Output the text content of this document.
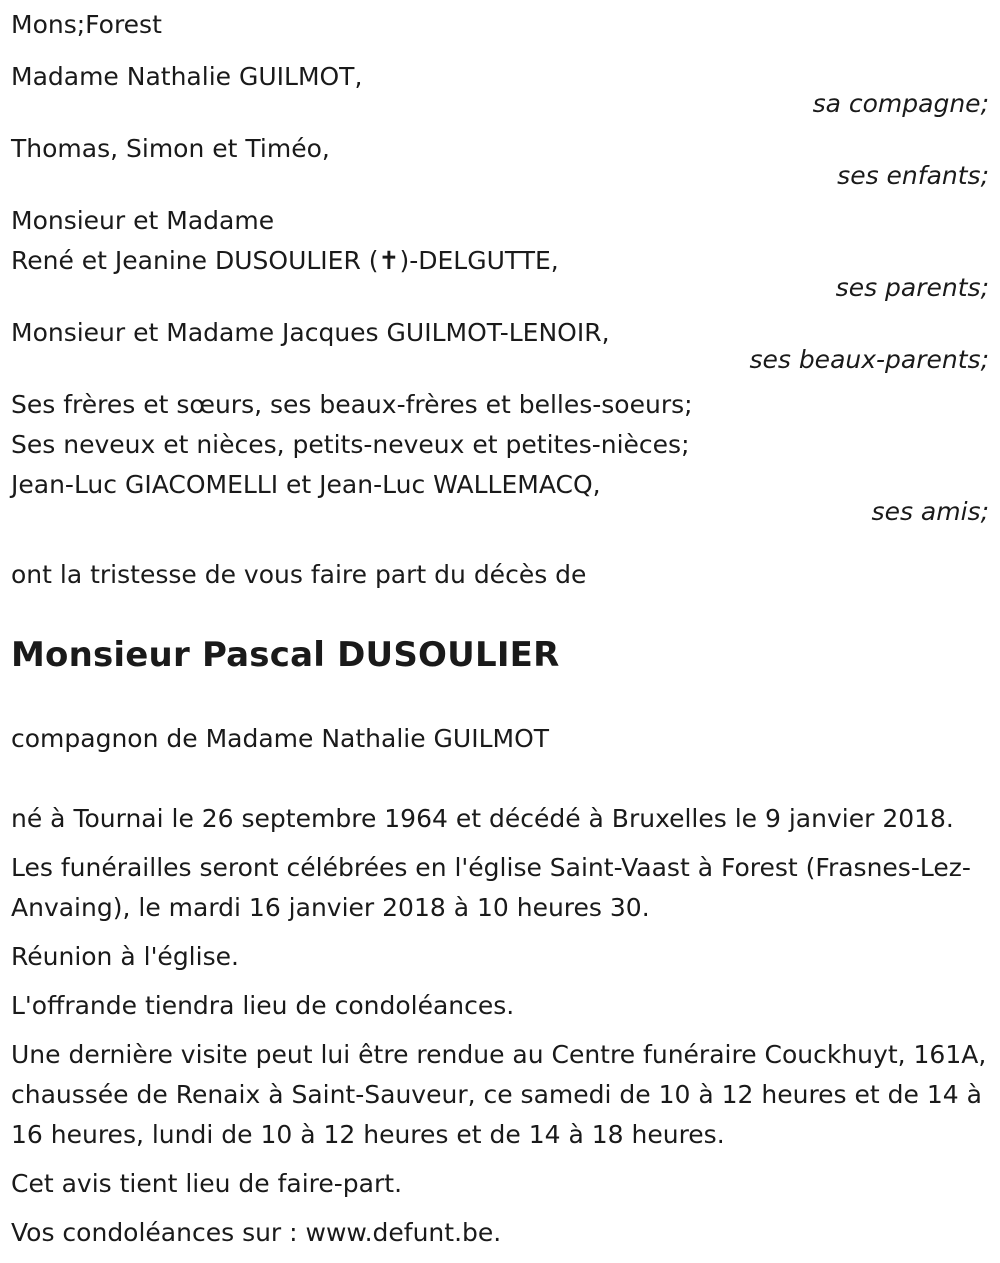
Mons;Forest
Madame Nathalie GUILMOT,
sa compagne;
Thomas, Simon et Timéo,
ses enfants;
Monsieur et Madame
René et Jeanine DUSOULIER (✝)-DELGUTTE,
ses parents;
Monsieur et Madame Jacques GUILMOT-LENOIR,
ses beaux-parents;
Ses frères et sœurs, ses beaux-frères et belles-soeurs;
Ses neveux et nièces, petits-neveux et petites-nièces;
Jean-Luc GIACOMELLI et Jean-Luc WALLEMACQ,
ses amis;
ont la tristesse de vous faire part du décès de
Monsieur Pascal DUSOULIER
compagnon de Madame Nathalie GUILMOT
né à Tournai le 26 septembre 1964 et décédé à Bruxelles le 9 janvier 2018.
Les funérailles seront célébrées en l'église Saint-Vaast à Forest (Frasnes-Lez-Anvaing), le mardi 16 janvier 2018 à 10 heures 30.
Réunion à l'église.
L'offrande tiendra lieu de condoléances.
Une dernière visite peut lui être rendue au Centre funéraire Couckhuyt, 161A, chaussée de Renaix à Saint-Sauveur, ce samedi de 10 à 12 heures et de 14 à 16 heures, lundi de 10 à 12 heures et de 14 à 18 heures.
Cet avis tient lieu de faire-part.
Vos condoléances sur : www.defunt.be.
